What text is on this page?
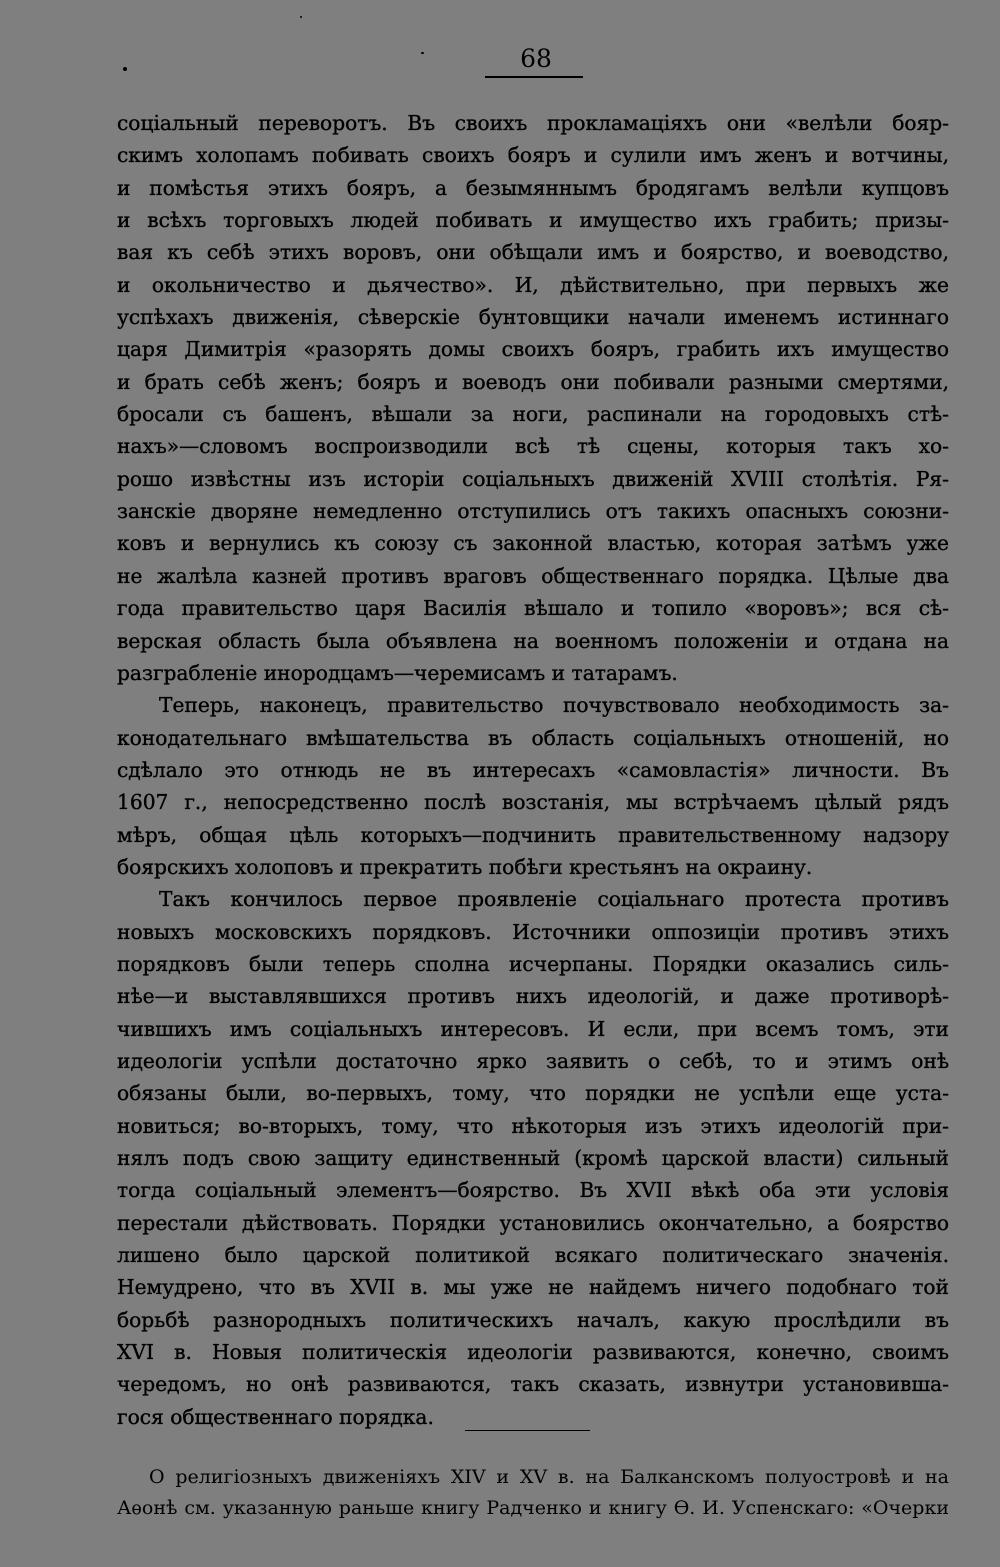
68
соціальный переворотъ. Въ своихъ прокламаціяхъ они «велѣли бояр-
скимъ холопамъ побивать своихъ бояръ и сулили имъ женъ и вотчины,
и помѣстья этихъ бояръ, а безымяннымъ бродягамъ велѣли купцовъ
и всѣхъ торговыхъ людей побивать и имущество ихъ грабить; призы-
вая къ себѣ этихъ воровъ, они обѣщали имъ и боярство, и воеводство,
и окольничество и дьячество». И, дѣйствительно, при первыхъ же
успѣхахъ движенія, сѣверскіе бунтовщики начали именемъ истиннаго
царя Димитрія «разорять домы своихъ бояръ, грабить ихъ имущество
и брать себѣ женъ; бояръ и воеводъ они побивали разными смертями,
бросали съ башенъ, вѣшали за ноги, распинали на городовыхъ стѣ-
нахъ»—словомъ воспроизводили всѣ тѣ сцены, которыя такъ хо-
рошо извѣстны изъ исторіи соціальныхъ движеній XVIII столѣтія. Ря-
занскіе дворяне немедленно отступились отъ такихъ опасныхъ союзни-
ковъ и вернулись къ союзу съ законной властью, которая затѣмъ уже
не жалѣла казней противъ враговъ общественнаго порядка. Цѣлые два
года правительство царя Василія вѣшало и топило «воровъ»; вся сѣ-
верская область была объявлена на военномъ положеніи и отдана на
разграбленіе инородцамъ—черемисамъ и татарамъ.
Теперь, наконецъ, правительство почувствовало необходимость за-
конодательнаго вмѣшательства въ область соціальныхъ отношеній, но
сдѣлало это отнюдь не въ интересахъ «самовластія» личности. Въ
1607 г., непосредственно послѣ возстанія, мы встрѣчаемъ цѣлый рядъ
мѣръ, общая цѣль которыхъ—подчинить правительственному надзору
боярскихъ холоповъ и прекратить побѣги крестьянъ на окраину.
Такъ кончилось первое проявленіе соціальнаго протеста противъ
новыхъ московскихъ порядковъ. Источники оппозиціи противъ этихъ
порядковъ были теперь сполна исчерпаны. Порядки оказались силь-
нѣе—и выставлявшихся противъ нихъ идеологій, и даже противорѣ-
чившихъ имъ соціальныхъ интересовъ. И если, при всемъ томъ, эти
идеологіи успѣли достаточно ярко заявить о себѣ, то и этимъ онѣ
обязаны были, во-первыхъ, тому, что порядки не успѣли еще уста-
новиться; во-вторыхъ, тому, что нѣкоторыя изъ этихъ идеологій при-
нялъ подъ свою защиту единственный (кромѣ царской власти) сильный
тогда соціальный элементъ—боярство. Въ XVII вѣкѣ оба эти условія
перестали дѣйствовать. Порядки установились окончательно, а боярство
лишено было царской политикой всякаго политическаго значенія.
Немудрено, что въ XVII в. мы уже не найдемъ ничего подобнаго той
борьбѣ разнородныхъ политическихъ началъ, какую прослѣдили въ
XVI в. Новыя политическія идеологіи развиваются, конечно, своимъ
чередомъ, но онѣ развиваются, такъ сказать, извнутри установивша-
гося общественнаго порядка.
О религіозныхъ движеніяхъ XIV и XV в. на Балканскомъ полуостровѣ и на
Аѳонѣ см. указанную раньше книгу Радченко и книгу Ѳ. И. Успенскаго: «Очерки
